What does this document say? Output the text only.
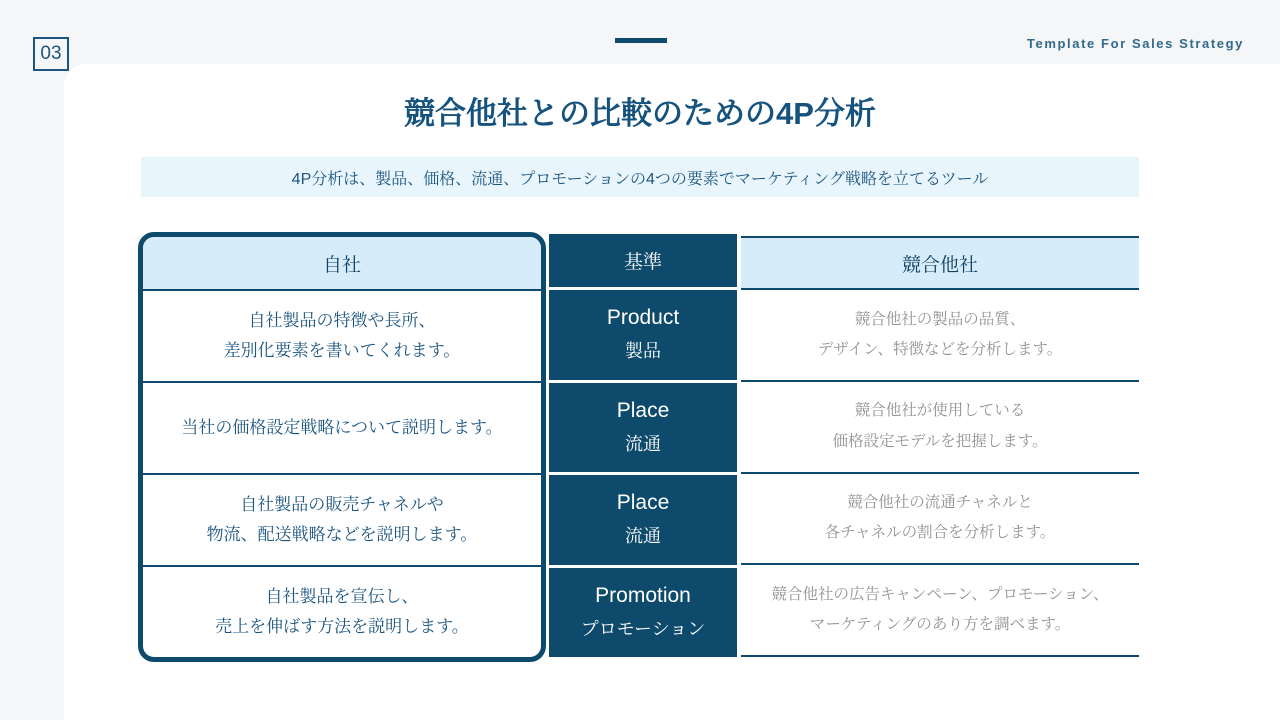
03	Template For Sales Strategy
競合他社との比較のための4P分析
4P分析は、製品、価格、流通、プロモーションの4つの要素でマーケティング戦略を立てるツール
自社
自社製品の特徴や長所、
差別化要素を書いてくれます。
当社の価格設定戦略について説明します。
自社製品の販売チャネルや
物流、配送戦略などを説明します。
自社製品を宣伝し、
売上を伸ばす方法を説明します。
基準
Product
製品
Place
流通
Place
流通
Promotion
プロモーション
競合他社
競合他社の製品の品質、
デザイン、特徴などを分析します。
競合他社が使用している
価格設定モデルを把握します。
競合他社の流通チャネルと
各チャネルの割合を分析します。
競合他社の広告キャンペーン、プロモーション、
マーケティングのあり方を調べます。
